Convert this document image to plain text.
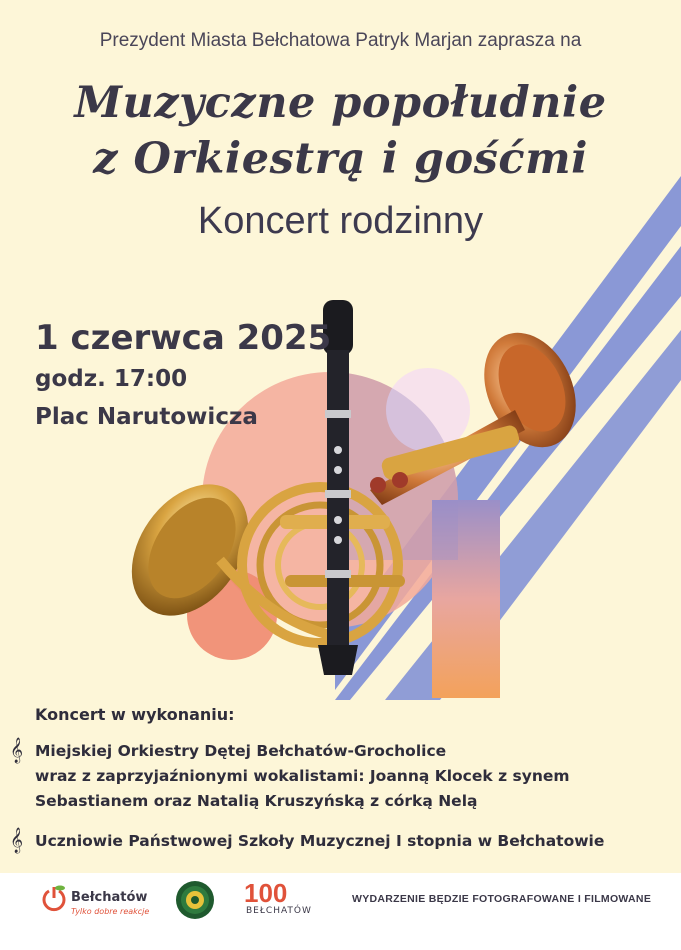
Prezydent Miasta Bełchatowa Patryk Marjan zaprasza na
Muzyczne popołudnie
z Orkiestrą i gośćmi
Koncert rodzinny
1 czerwca 2025
godz. 17:00
Plac Narutowicza
Koncert w wykonaniu:
𝄞 Miejskiej Orkiestry Dętej Bełchatów-Grocholice
wraz z zaprzyjaźnionymi wokalistami: Joanną Klocek z synem
Sebastianem oraz Natalią Kruszyńską z córką Nelą
𝄞 Uczniowie Państwowej Szkoły Muzycznej I stopnia w Bełchatowie
Bełchatów
Tylko dobre reakcje
100
BEŁCHATÓW
WYDARZENIE BĘDZIE FOTOGRAFOWANE I FILMOWANE
